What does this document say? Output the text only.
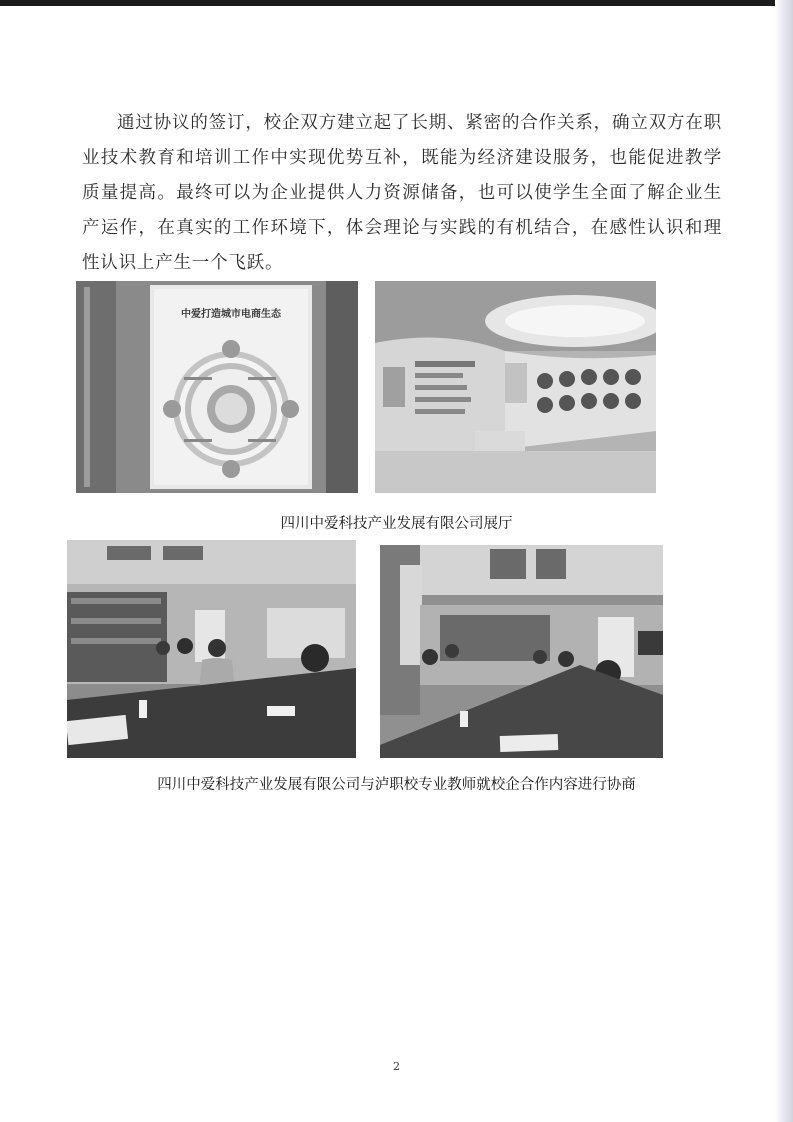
通过协议的签订，校企双方建立起了长期、紧密的合作关系，确立双方在职业技术教育和培训工作中实现优势互补，既能为经济建设服务，也能促进教学质量提高。最终可以为企业提供人力资源储备，也可以使学生全面了解企业生产运作，在真实的工作环境下，体会理论与实践的有机结合，在感性认识和理性认识上产生一个飞跃。

中爱打造城市电商生态

四川中爱科技产业发展有限公司展厅

四川中爱科技产业发展有限公司与泸职校专业教师就校企合作内容进行协商

2
